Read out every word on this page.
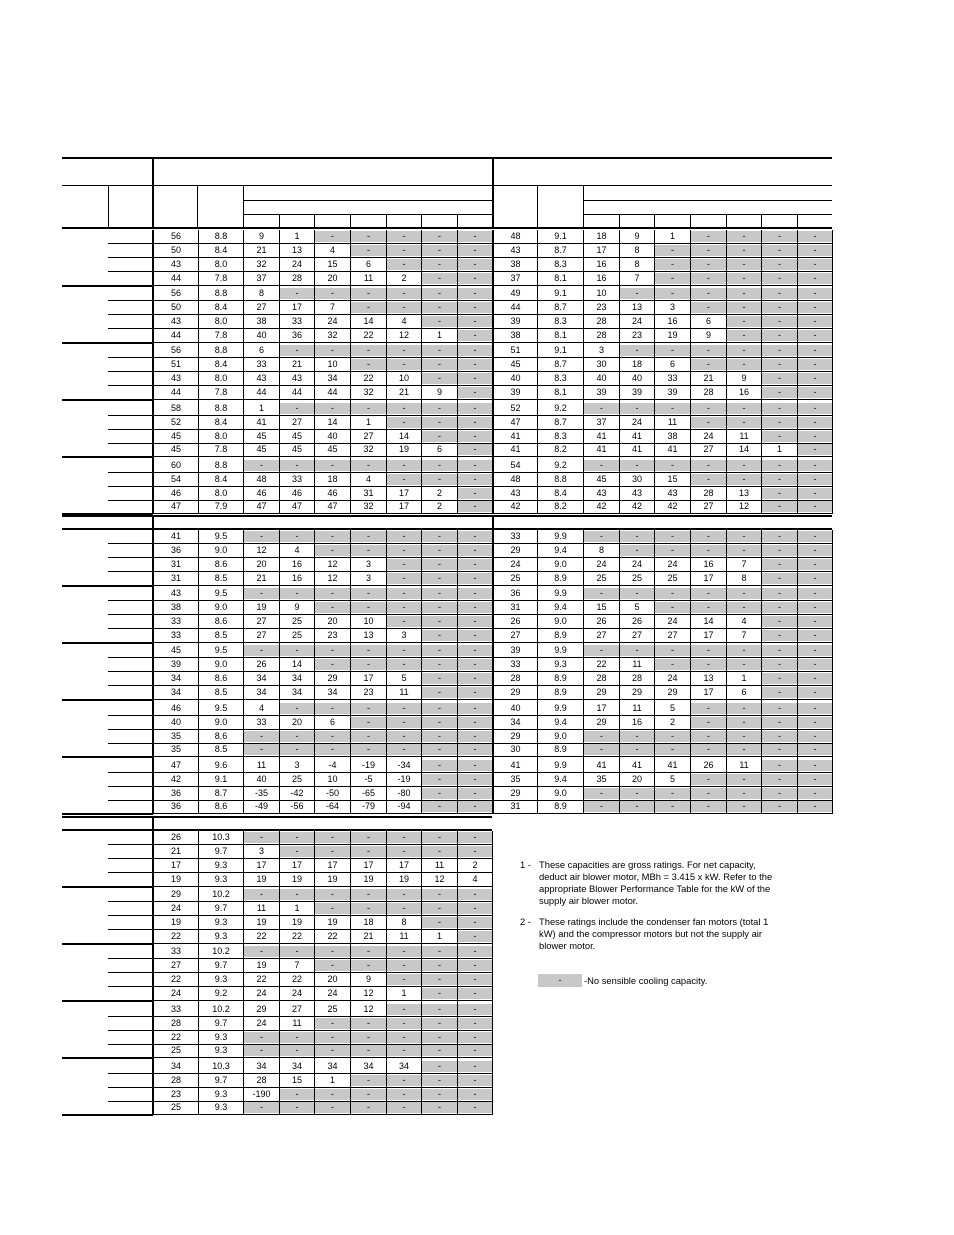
56	8.8	9	1	-	-	-	-	-
50	8.4	21	13	4	-	-	-	-
43	8.0	32	24	15	6	-	-	-
44	7.8	37	28	20	11	2	-	-
56	8.8	8	-	-	-	-	-	-
50	8.4	27	17	7	-	-	-	-
43	8.0	38	33	24	14	4	-	-
44	7.8	40	36	32	22	12	1	-
56	8.8	6	-	-	-	-	-	-
51	8.4	33	21	10	-	-	-	-
43	8.0	43	43	34	22	10	-	-
44	7.8	44	44	44	32	21	9	-
58	8.8	1	-	-	-	-	-	-
52	8.4	41	27	14	1	-	-	-
45	8.0	45	45	40	27	14	-	-
45	7.8	45	45	45	32	19	6	-
60	8.8	-	-	-	-	-	-	-
54	8.4	48	33	18	4	-	-	-
46	8.0	46	46	46	31	17	2	-
47	7.9	47	47	47	32	17	2	-
48	9.1	18	9	1	-	-	-	-
43	8.7	17	8	-	-	-	-	-
38	8.3	16	8	-	-	-	-	-
37	8.1	16	7	-	-	-	-	-
49	9.1	10	-	-	-	-	-	-
44	8.7	23	13	3	-	-	-	-
39	8.3	28	24	16	6	-	-	-
38	8.1	28	23	19	9	-	-	-
51	9.1	3	-	-	-	-	-	-
45	8.7	30	18	6	-	-	-	-
40	8.3	40	40	33	21	9	-	-
39	8.1	39	39	39	28	16	-	-
52	9.2	-	-	-	-	-	-	-
47	8.7	37	24	11	-	-	-	-
41	8.3	41	41	38	24	11	-	-
41	8.2	41	41	41	27	14	1	-
54	9.2	-	-	-	-	-	-	-
48	8.8	45	30	15	-	-	-	-
43	8.4	43	43	43	28	13	-	-
42	8.2	42	42	42	27	12	-	-
41	9.5	-	-	-	-	-	-	-
36	9.0	12	4	-	-	-	-	-
31	8.6	20	16	12	3	-	-	-
31	8.5	21	16	12	3	-	-	-
43	9.5	-	-	-	-	-	-	-
38	9.0	19	9	-	-	-	-	-
33	8.6	27	25	20	10	-	-	-
33	8.5	27	25	23	13	3	-	-
45	9.5	-	-	-	-	-	-	-
39	9.0	26	14	-	-	-	-	-
34	8.6	34	34	29	17	5	-	-
34	8.5	34	34	34	23	11	-	-
46	9.5	4	-	-	-	-	-	-
40	9.0	33	20	6	-	-	-	-
35	8.6	-	-	-	-	-	-	-
35	8.5	-	-	-	-	-	-	-
47	9.6	11	3	-4	-19	-34	-	-
42	9.1	40	25	10	-5	-19	-	-
36	8.7	-35	-42	-50	-65	-80	-	-
36	8.6	-49	-56	-64	-79	-94	-	-
33	9.9	-	-	-	-	-	-	-
29	9.4	8	-	-	-	-	-	-
24	9.0	24	24	24	16	7	-	-
25	8.9	25	25	25	17	8	-	-
36	9.9	-	-	-	-	-	-	-
31	9.4	15	5	-	-	-	-	-
26	9.0	26	26	24	14	4	-	-
27	8.9	27	27	27	17	7	-	-
39	9.9	-	-	-	-	-	-	-
33	9.3	22	11	-	-	-	-	-
28	8.9	28	28	24	13	1	-	-
29	8.9	29	29	29	17	6	-	-
40	9.9	17	11	5	-	-	-	-
34	9.4	29	16	2	-	-	-	-
29	9.0	-	-	-	-	-	-	-
30	8.9	-	-	-	-	-	-	-
41	9.9	41	41	41	26	11	-	-
35	9.4	35	20	5	-	-	-	-
29	9.0	-	-	-	-	-	-	-
31	8.9	-	-	-	-	-	-	-
26	10.3	-	-	-	-	-	-	-
21	9.7	3	-	-	-	-	-	-
17	9.3	17	17	17	17	17	11	2
19	9.3	19	19	19	19	19	12	4
29	10.2	-	-	-	-	-	-	-
24	9.7	11	1	-	-	-	-	-
19	9.3	19	19	19	18	8	-	-
22	9.3	22	22	22	21	11	1	-
33	10.2	-	-	-	-	-	-	-
27	9.7	19	7	-	-	-	-	-
22	9.3	22	22	20	9	-	-	-
24	9.2	24	24	24	12	1	-	-
33	10.2	29	27	25	12	-	-	-
28	9.7	24	11	-	-	-	-	-
22	9.3	-	-	-	-	-	-	-
25	9.3	-	-	-	-	-	-	-
34	10.3	34	34	34	34	34	-	-
28	9.7	28	15	1	-	-	-	-
23	9.3	-190	-	-	-	-	-	-
25	9.3	-	-	-	-	-	-	-
1 - These capacities are gross ratings. For net capacity,
deduct air blower motor, MBh = 3.415 x kW. Refer to the
appropriate Blower Performance Table for the kW of the
supply air blower motor.
2 - These ratings include the condenser fan motors (total 1
kW) and the compressor motors but not the supply air
blower motor.
-	-No sensible cooling capacity.
